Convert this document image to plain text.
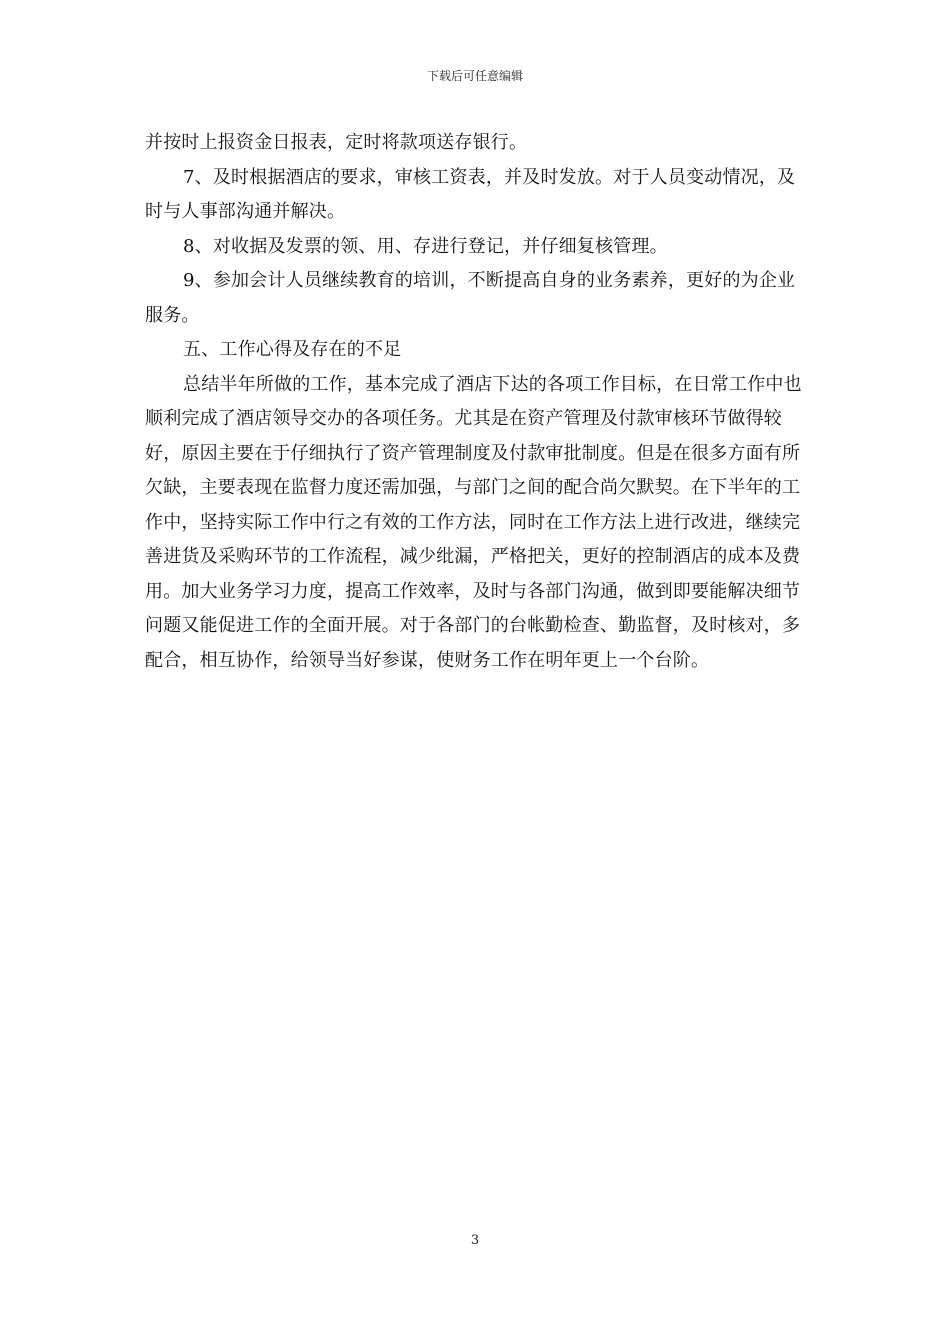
下载后可任意编辑

并按时上报资金日报表，定时将款项送存银行。

7、及时根据酒店的要求，审核工资表，并及时发放。对于人员变动情况，及时与人事部沟通并解决。

8、对收据及发票的领、用、存进行登记，并仔细复核管理。

9、参加会计人员继续教育的培训，不断提高自身的业务素养，更好的为企业服务。

五、工作心得及存在的不足

总结半年所做的工作，基本完成了酒店下达的各项工作目标，在日常工作中也顺利完成了酒店领导交办的各项任务。尤其是在资产管理及付款审核环节做得较好，原因主要在于仔细执行了资产管理制度及付款审批制度。但是在很多方面有所欠缺，主要表现在监督力度还需加强，与部门之间的配合尚欠默契。在下半年的工作中，坚持实际工作中行之有效的工作方法，同时在工作方法上进行改进，继续完善进货及采购环节的工作流程，减少纰漏，严格把关，更好的控制酒店的成本及费用。加大业务学习力度，提高工作效率，及时与各部门沟通，做到即要能解决细节问题又能促进工作的全面开展。对于各部门的台帐勤检查、勤监督，及时核对，多配合，相互协作，给领导当好参谋，使财务工作在明年更上一个台阶。

3
